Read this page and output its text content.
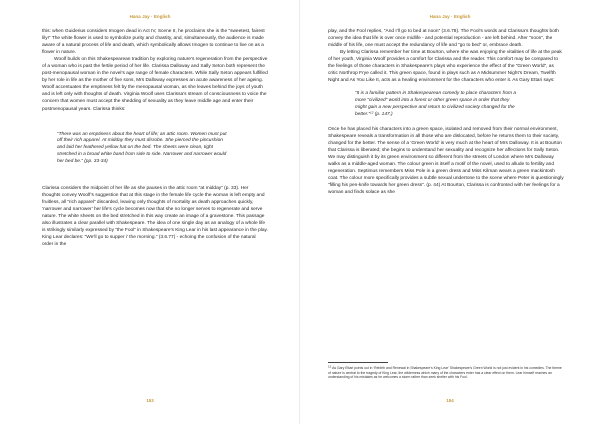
Hana Jay · English

this: when Guiderius considers Imogen dead in Act IV, Scene II, he proclaims she is the “sweetest, fairest lily!” The white flower is used to symbolize purity and chastity, and, simultaneously, the audience is made aware of a natural process of life and death, which symbolically allows Imogen to continue to live on as a flower in nature.

Woolf builds on this Shakespearean tradition by exploring nature’s regeneration from the perspective of a woman who is past the fertile period of her life. Clarissa Dalloway and Sally Seton both represent the post-menopausal woman in the novel’s age range of female characters. While Sally Seton appears fulfilled by her role in life as the mother of five sons, Mrs Dalloway expresses an acute awareness of her ageing. Woolf accentuates the emptiness felt by the menopausal woman, as she leaves behind the joys of youth and is left only with thoughts of death. Virginia Woolf uses Clarissa’s stream of consciousness to voice the concern that women must accept the shedding of sexuality as they leave middle age and enter their postmenopausal years. Clarissa thinks:

“There was an emptiness about the heart of life; an attic room. Women must put off their rich apparel. At midday they must disrobe. She pierced the pincushion and laid her feathered yellow hat on the bed. The sheets were clean, tight stretched in a broad white band from side to side. Narrower and narrower would her bed be.” (pp. 33-34)

Clarissa considers the midpoint of her life as she pauses in the attic room “at midday” (p. 33). Her thoughts convey Woolf’s suggestion that at this stage in the female life cycle the woman is left empty and fruitless, all “rich apparel” discarded, leaving only thoughts of mortality as death approaches quickly, ‘narrower and narrower’ her life’s cycle becomes now that she no longer serves to regenerate and serve nature. The white sheets on the bed stretched in this way create an image of a gravestone. This passage also illustrates a clear parallel with Shakespeare. The idea of one single day as an analogy of a whole life is strikingly similarly expressed by “the Fool” in Shakespeare’s King Lear in his last appearance in the play. King Lear declares: “We’ll go to supper i’ the morning.” (3.6.77) - echoing the confusion of the natural order in the

153
Hana Jay · English

play, and the Fool replies, “And I’ll go to bed at noon” (3.6.78). The Fool’s words and Clarissa’s thoughts both convey the idea that life is over once midlife - and potential reproduction - are left behind. After “noon”, the middle of his life, one must accept the redundancy of life and “go to bed” or, embrace death.

By letting Clarissa remember her time at Bourton, where she was enjoying the vitalities of life at the peak of her youth, Virginia Woolf provides a comfort for Clarissa and the reader. This comfort may be compared to the feelings of those characters in Shakespeare’s plays who experience the effect of the “Green World”, as critic Northrop Frye called it. This green space, found in plays such as A Midsummer Night’s Dream, Twelfth Night and As You Like It, acts as a healing environment for the characters who enter it. As Gary Ettari says:

“It is a familiar pattern in Shakespearean comedy to place characters from a more “civilized” world into a forest or other green space in order that they might gain a new perspective and return to civilized society changed for the better.”$^{12}$ (p. 147.)

Once he has placed his characters into a green space, isolated and removed from their normal environment, Shakespeare reveals a transformation in all those who are dislocated, before he returns them to their society, changed for the better. The sense of a ‘Green World’ is very much at the heart of Mrs Dalloway. It is at Bourton that Clarissa is liberated; she begins to understand her sexuality and recognize her affections for Sally Seton. We may distinguish it by its green environment so different from the streets of London where Mrs Dalloway walks as a middle-aged woman. The colour green is itself a motif of the novel, used to allude to fertility and regeneration. Septimus remembers Miss Pole in a green dress and Miss Kilman wears a green mackintosh coat. The colour more specifically provides a subtle sexual undertone to the scene where Peter is questioningly “filling his pen-knife towards her green dress”. (p. 44) At Bourton, Clarissa is confronted with her feelings for a woman and finds solace as she

$^{12}$ As Gary Ettari points out in ‘Rebirth and Renewal in Shakespeare’s King Lear’ Shakespeare’s Green World is not just evident in his comedies. The theme of nature is central to the tragedy of King Lear, the wilderness which many of the characters enter has a clear effect on them. Lear himself reaches an understanding of his mistakes as he welcomes a storm rather than seek shelter with his Fool.
154
